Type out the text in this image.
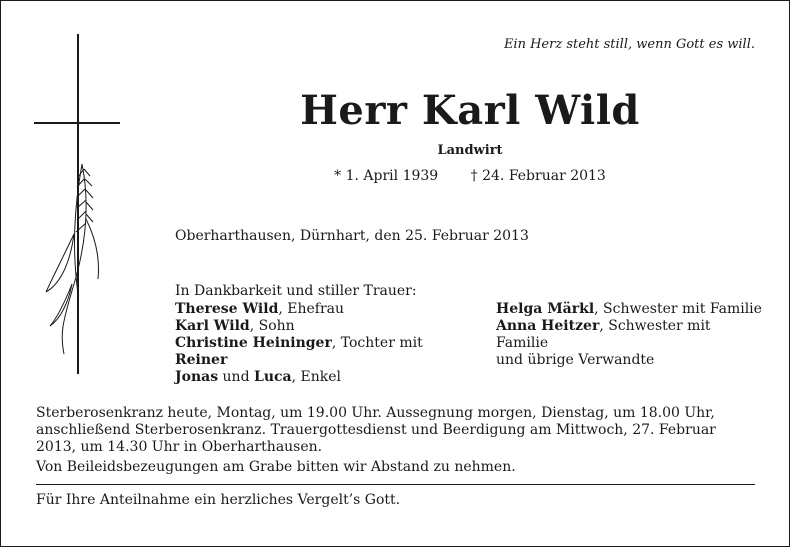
Ein Herz steht still, wenn Gott es will.
Herr Karl Wild
Landwirt
* 1. April 1939 † 24. Februar 2013
Oberharthausen, Dürnhart, den 25. Februar 2013
In Dankbarkeit und stiller Trauer:
Therese Wild, Ehefrau
Karl Wild, Sohn
Christine Heininger, Tochter mit Reiner
Jonas und Luca, Enkel
Helga Märkl, Schwester mit Familie
Anna Heitzer, Schwester mit Familie
und übrige Verwandte
Sterberosenkranz heute, Montag, um 19.00 Uhr. Aussegnung morgen, Dienstag, um 18.00 Uhr, anschließend Sterberosenkranz. Trauergottesdienst und Beerdigung am Mittwoch, 27. Februar 2013, um 14.30 Uhr in Oberharthausen.
Von Beileidsbezeugungen am Grabe bitten wir Abstand zu nehmen.
Für Ihre Anteilnahme ein herzliches Vergelt’s Gott.
